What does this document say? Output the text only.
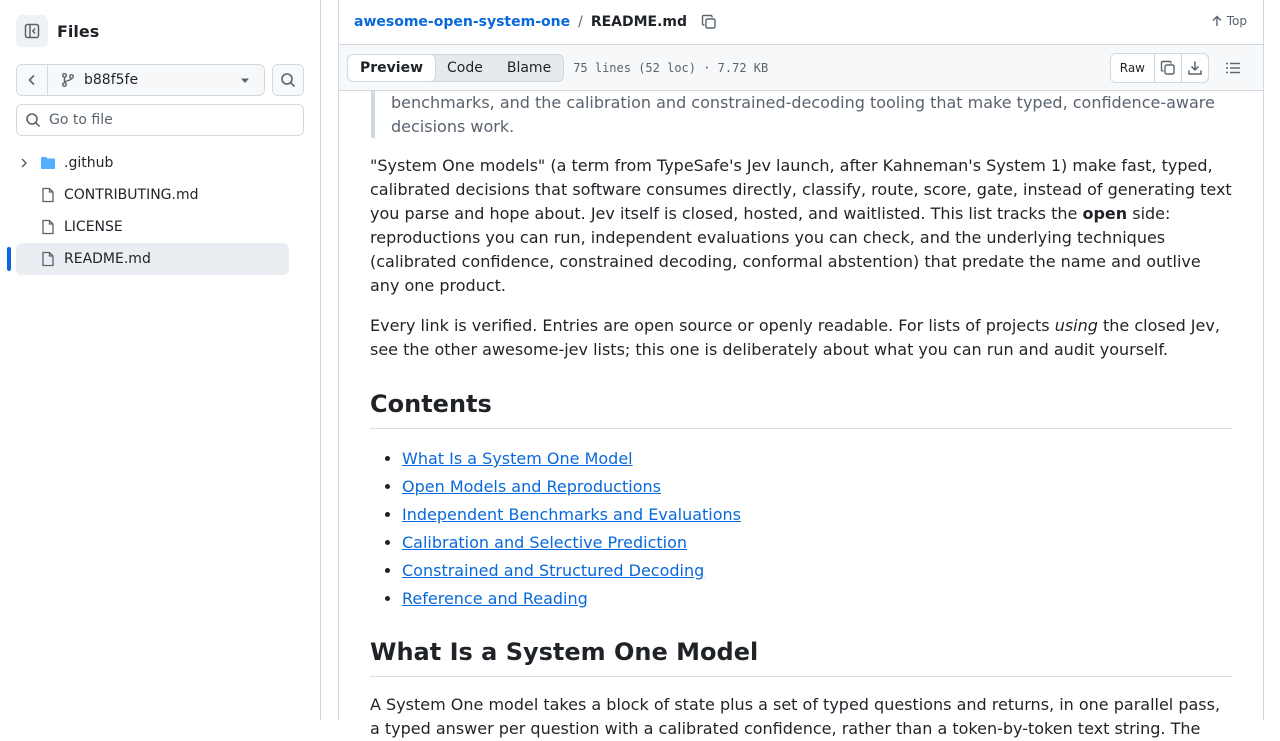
Files
b88f5fe
Go to file
.github
CONTRIBUTING.md
LICENSE
README.md
awesome-open-system-one / README.md	Top
Preview	Code	Blame	75 lines (52 loc) · 7.72 KB	Raw
benchmarks, and the calibration and constrained-decoding tooling that make typed, confidence-aware
decisions work.

"System One models" (a term from TypeSafe's Jev launch, after Kahneman's System 1) make fast, typed, calibrated decisions that software consumes directly, classify, route, score, gate, instead of generating text you parse and hope about. Jev itself is closed, hosted, and waitlisted. This list tracks the open side: reproductions you can run, independent evaluations you can check, and the underlying techniques (calibrated confidence, constrained decoding, conformal abstention) that predate the name and outlive any one product.

Every link is verified. Entries are open source or openly readable. For lists of projects using the closed Jev, see the other awesome-jev lists; this one is deliberately about what you can run and audit yourself.

Contents
• What Is a System One Model
• Open Models and Reproductions
• Independent Benchmarks and Evaluations
• Calibration and Selective Prediction
• Constrained and Structured Decoding
• Reference and Reading
What Is a System One Model

A System One model takes a block of state plus a set of typed questions and returns, in one parallel pass, a typed answer per question with a calibrated confidence, rather than a token-by-token text string. The
